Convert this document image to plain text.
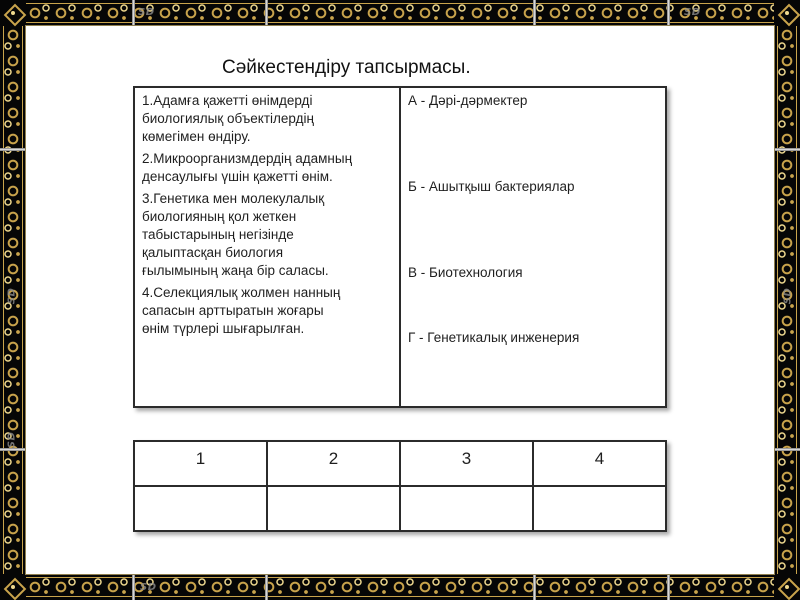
SD	SD
SD
SD
SD
SD
Сәйкестендіру тапсырмасы.
1.Адамға қажетті өнімдерді
биологиялық объектілердің
көмегімен өндіру.
2.Микроорганизмдердің адамның
денсаулығы үшін қажетті өнім.
3.Генетика мен молекулалық
биологияның қол жеткен
табыстарының негізінде
қалыптасқан биология
ғылымының жаңа бір саласы.
4.Селекциялық жолмен нанның
сапасын арттыратын жоғары
өнім түрлері шығарылған.

А - Дәрі-дәрмектер
Б - Ашытқыш бактериялар
В - Биотехнология
Г - Генетикалық инженерия
1	2	3	4
